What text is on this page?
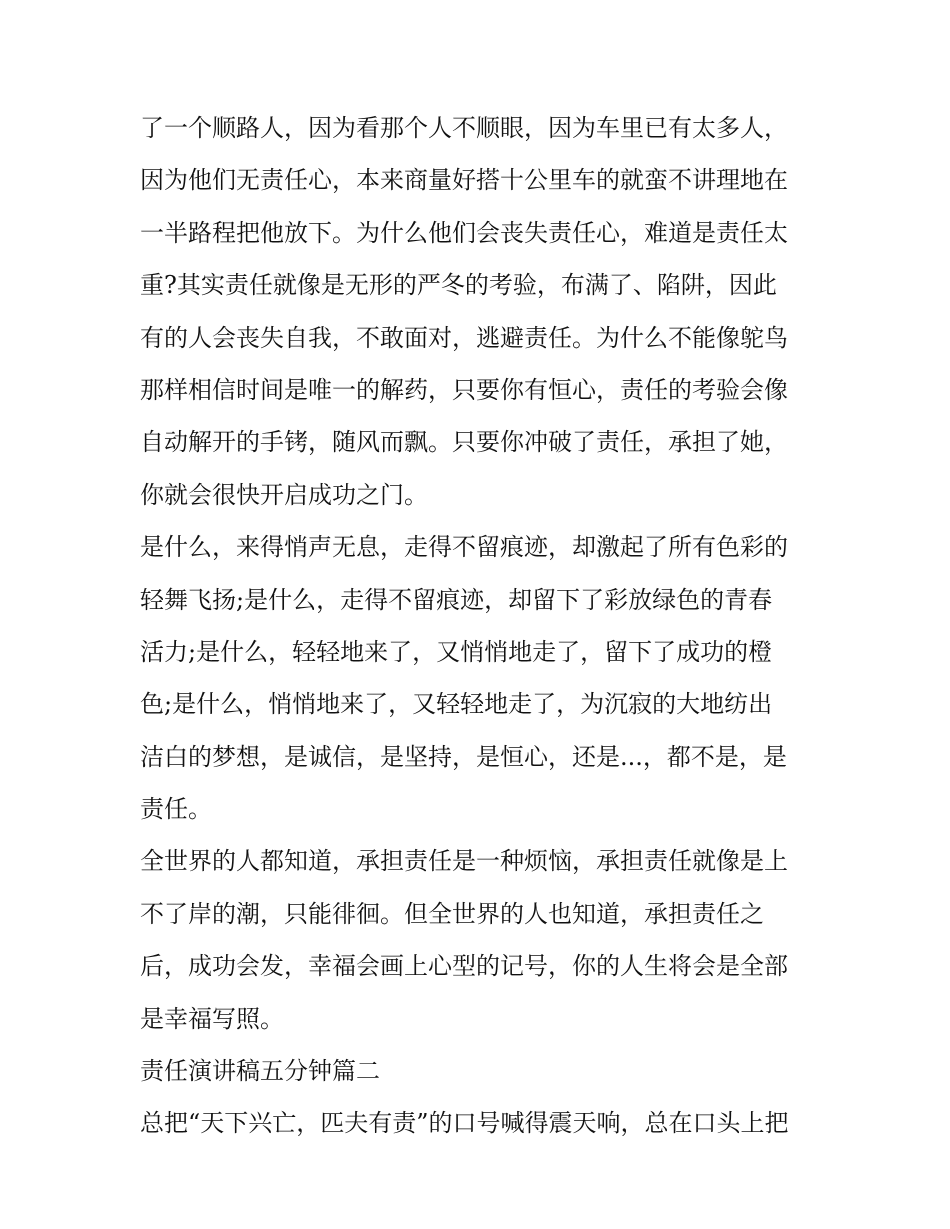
了一个顺路人，因为看那个人不顺眼，因为车里已有太多人，
因为他们无责任心，本来商量好搭十公里车的就蛮不讲理地在
一半路程把他放下。为什么他们会丧失责任心，难道是责任太
重?其实责任就像是无形的严冬的考验，布满了、陷阱，因此
有的人会丧失自我，不敢面对，逃避责任。为什么不能像鸵鸟
那样相信时间是唯一的解药，只要你有恒心，责任的考验会像
自动解开的手铐，随风而飘。只要你冲破了责任，承担了她，
你就会很快开启成功之门。
是什么，来得悄声无息，走得不留痕迹，却激起了所有色彩的
轻舞飞扬;是什么，走得不留痕迹，却留下了彩放绿色的青春
活力;是什么，轻轻地来了，又悄悄地走了，留下了成功的橙
色;是什么，悄悄地来了，又轻轻地走了，为沉寂的大地纺出
洁白的梦想，是诚信，是坚持，是恒心，还是...，都不是，是
责任。
全世界的人都知道，承担责任是一种烦恼，承担责任就像是上
不了岸的潮，只能徘徊。但全世界的人也知道，承担责任之
后，成功会发，幸福会画上心型的记号，你的人生将会是全部
是幸福写照。
责任演讲稿五分钟篇二
总把“天下兴亡，匹夫有责”的口号喊得震天响，总在口头上把
